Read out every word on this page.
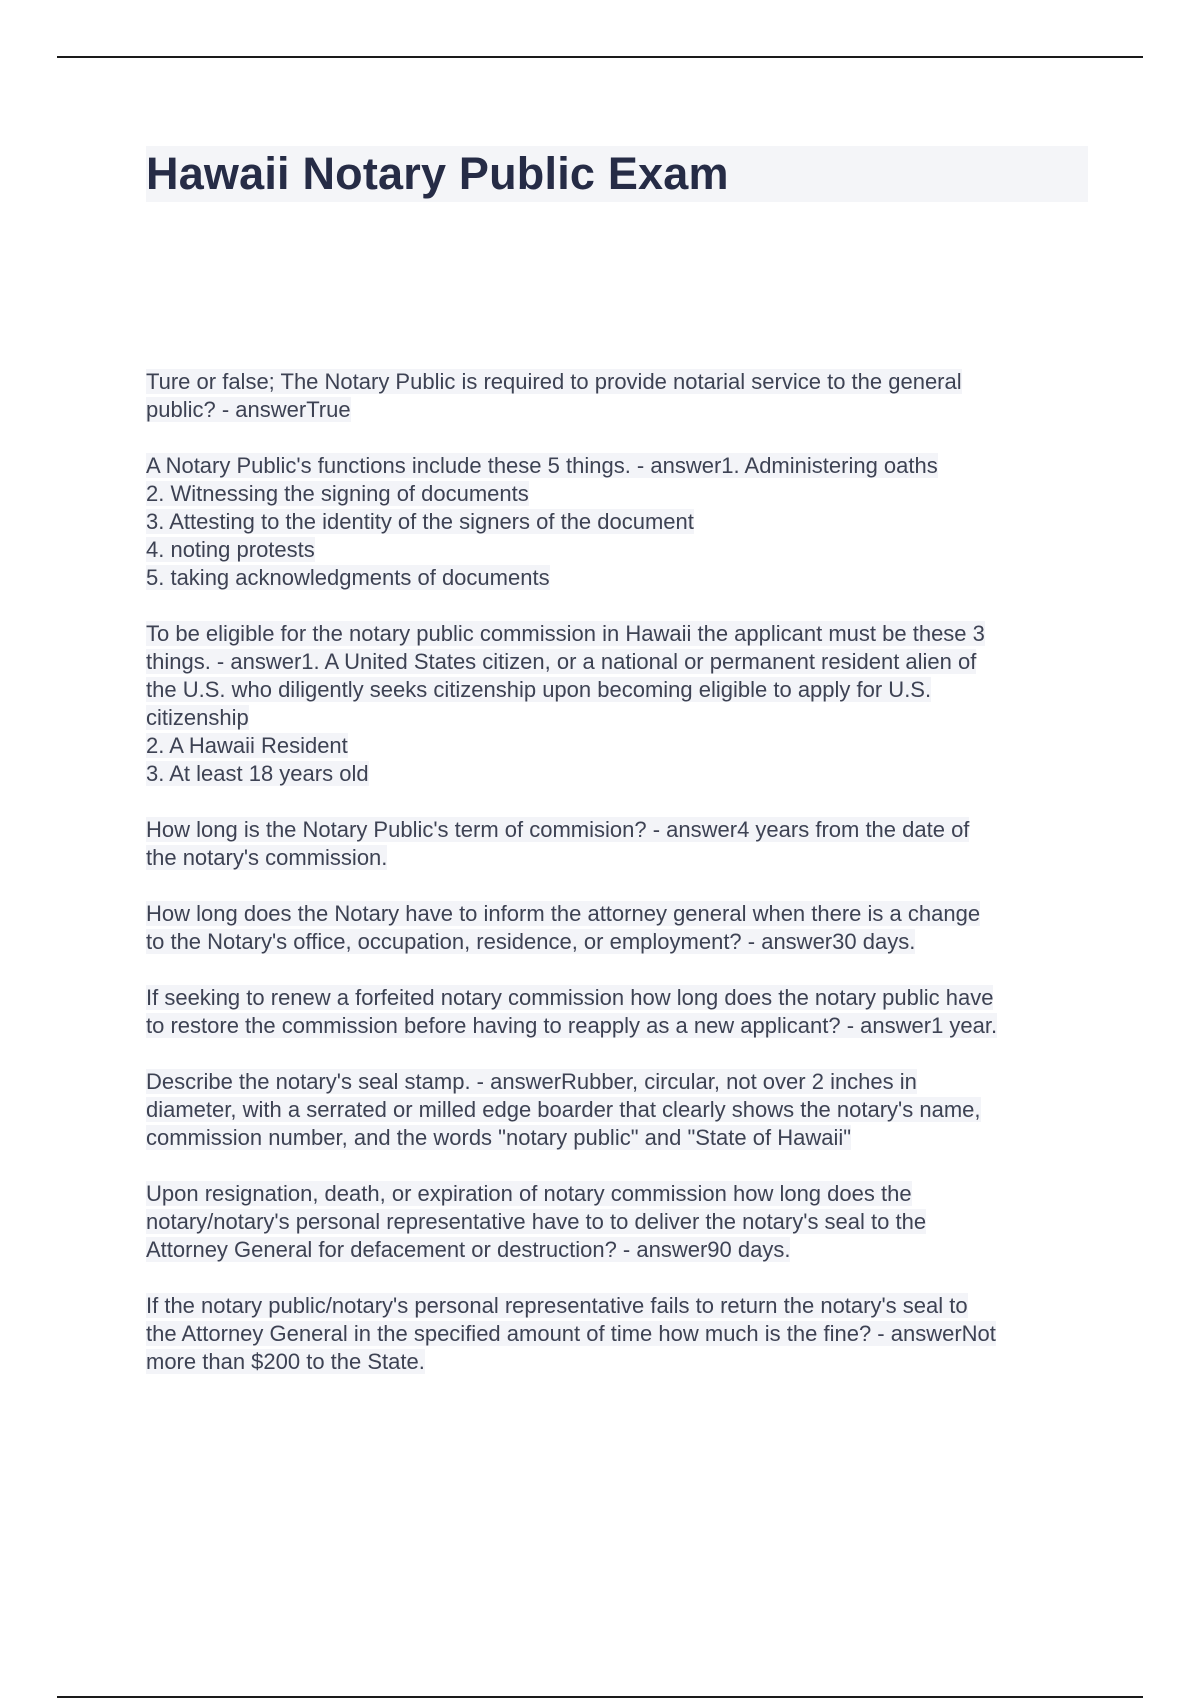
Hawaii Notary Public Exam

Ture or false; The Notary Public is required to provide notarial service to the general
public? - answerTrue

A Notary Public's functions include these 5 things. - answer1. Administering oaths
2. Witnessing the signing of documents
3. Attesting to the identity of the signers of the document
4. noting protests
5. taking acknowledgments of documents

To be eligible for the notary public commission in Hawaii the applicant must be these 3
things. - answer1. A United States citizen, or a national or permanent resident alien of
the U.S. who diligently seeks citizenship upon becoming eligible to apply for U.S.
citizenship
2. A Hawaii Resident
3. At least 18 years old

How long is the Notary Public's term of commision? - answer4 years from the date of
the notary's commission.

How long does the Notary have to inform the attorney general when there is a change
to the Notary's office, occupation, residence, or employment? - answer30 days.

If seeking to renew a forfeited notary commission how long does the notary public have
to restore the commission before having to reapply as a new applicant? - answer1 year.

Describe the notary's seal stamp. - answerRubber, circular, not over 2 inches in
diameter, with a serrated or milled edge boarder that clearly shows the notary's name,
commission number, and the words "notary public" and "State of Hawaii"

Upon resignation, death, or expiration of notary commission how long does the
notary/notary's personal representative have to to deliver the notary's seal to the
Attorney General for defacement or destruction? - answer90 days.

If the notary public/notary's personal representative fails to return the notary's seal to
the Attorney General in the specified amount of time how much is the fine? - answerNot
more than $200 to the State.
